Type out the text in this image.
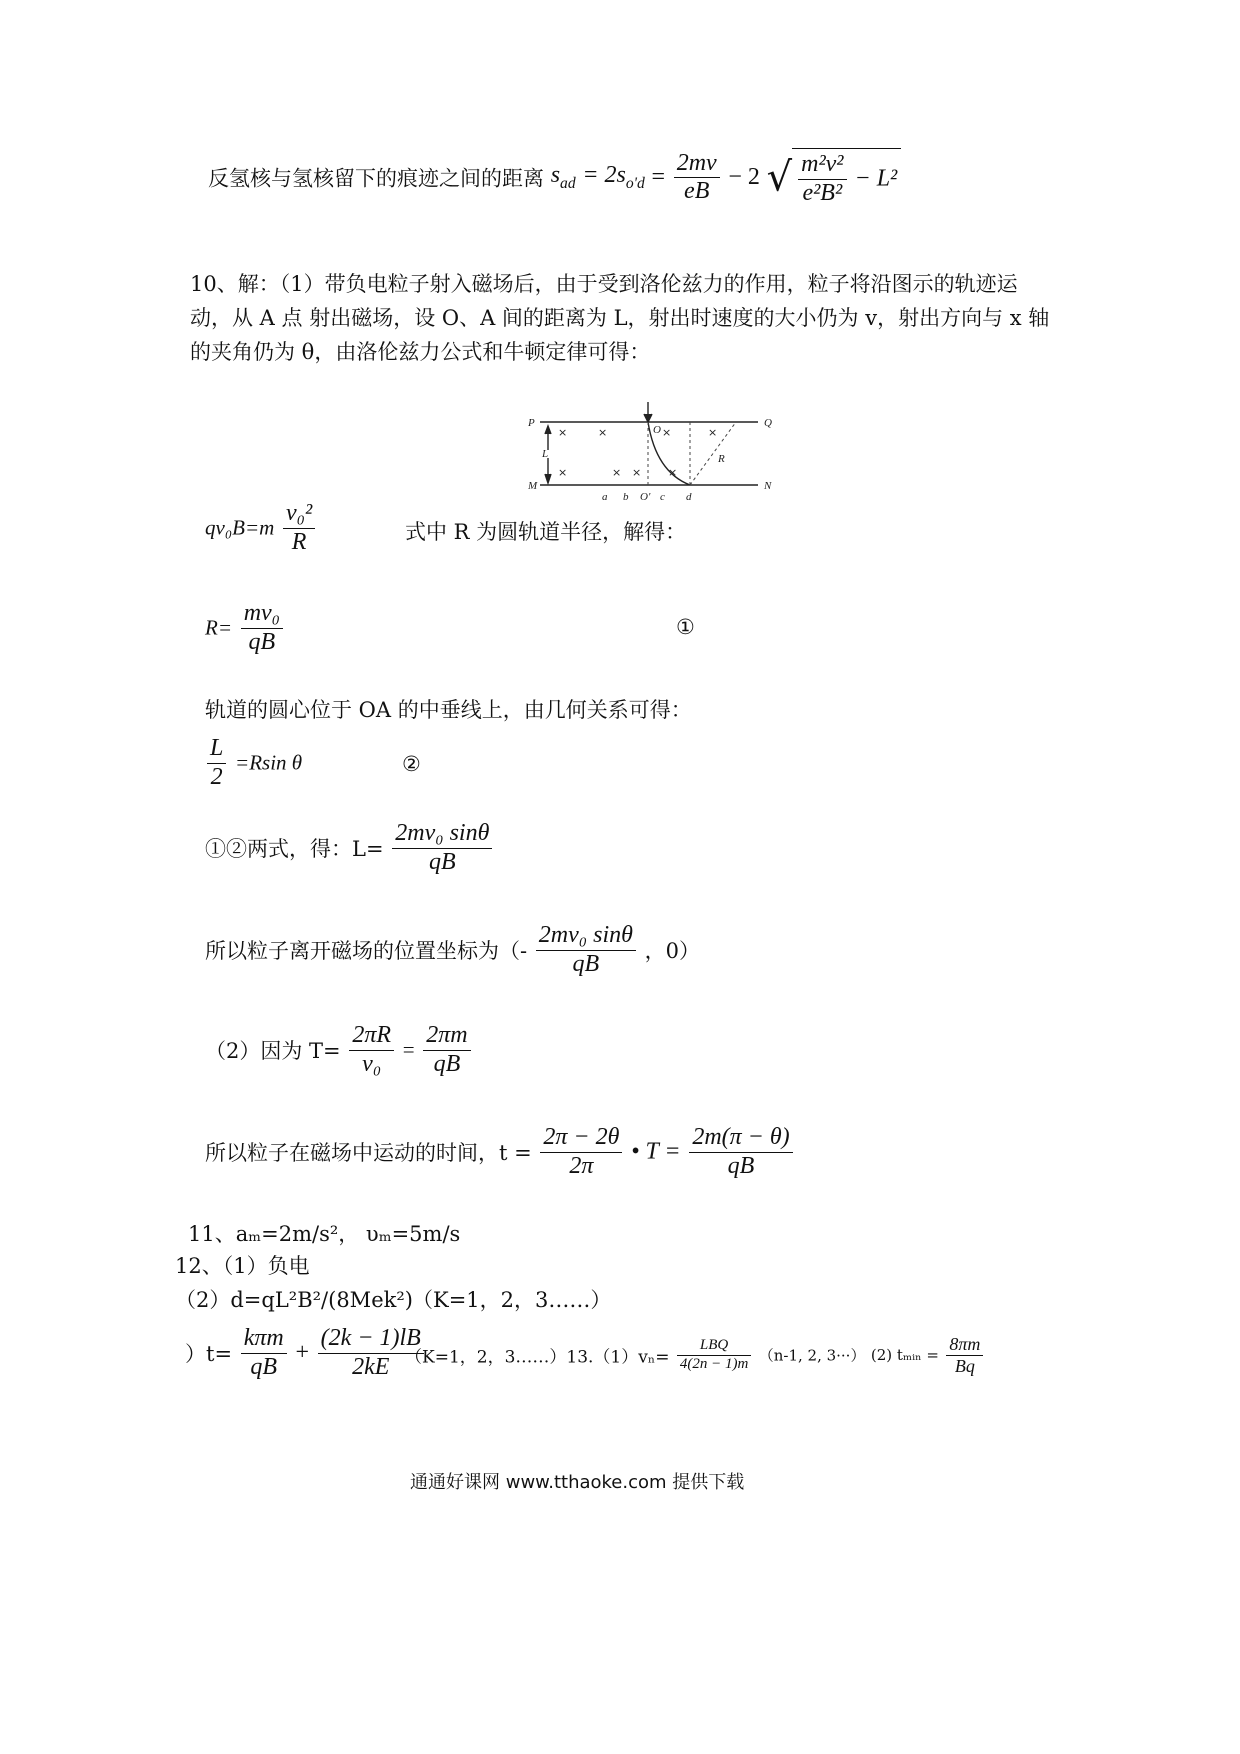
反氢核与氢核留下的痕迹之间的距离 $s_{ad} = 2s_{o'd} = \frac{2mv}{eB} - 2$ √ $\frac{\text{m²v²}}{\text{e²B²}} - L^2$
10、解：（1）带负电粒子射入磁场后，由于受到洛伦兹力的作用，粒子将沿图示的轨迹运
动，从 A 点 射出磁场，设 O、A 间的距离为 L，射出时速度的大小仍为 v，射出方向与 x 轴
的夹角仍为 θ，由洛伦兹力公式和牛顿定律可得：
P	Q
M	N
L	R
O
O'
a b	c d
×	×	×	×
×	× × ×
$qv_0B=m \frac{\text{v₀²}}{R}$	式中 R 为圆轨道半径，解得：
$R= \frac{\text{mv₀}}{qB}$	①
轨道的圆心位于 OA 的中垂线上，由几何关系可得：
$\frac{L}{2} =Rsin$ θ	②
①②两式，得：$L= \frac{\text{2mv₀ sinθ}}{qB}$
所以粒子离开磁场的位置坐标为（- $\frac{\text{2mv₀ sinθ}}{qB}$ ，0）
（2）因为 $T= \frac{2\pi R}{\text{v₀}} = \frac{2\pi m}{qB}$
所以粒子在磁场中运动的时间，$t = \frac{2\pi - 2\theta}{2\pi}$ • $T = \frac{2m(\pi - \theta)}{qB}$
11、aₘ=2m/s²， υₘ=5m/s
12、（1）负电
（2）d=qL²B²/(8Mek²) （K=1，2，3……）
）$t= \frac{\text{kπm}}{qB} + \frac{(2k - 1)lB}{2kE}$
（K=1，2，3……）13.（1）vₙ= $\frac{\text{LBQ}}{4(2n - 1)m} (n-1$, 2, 3···） (2) tₘᵢₙ = $\frac{8\pi m}{Bq}$
通通好课网 www.tthaoke.com 提供下载
